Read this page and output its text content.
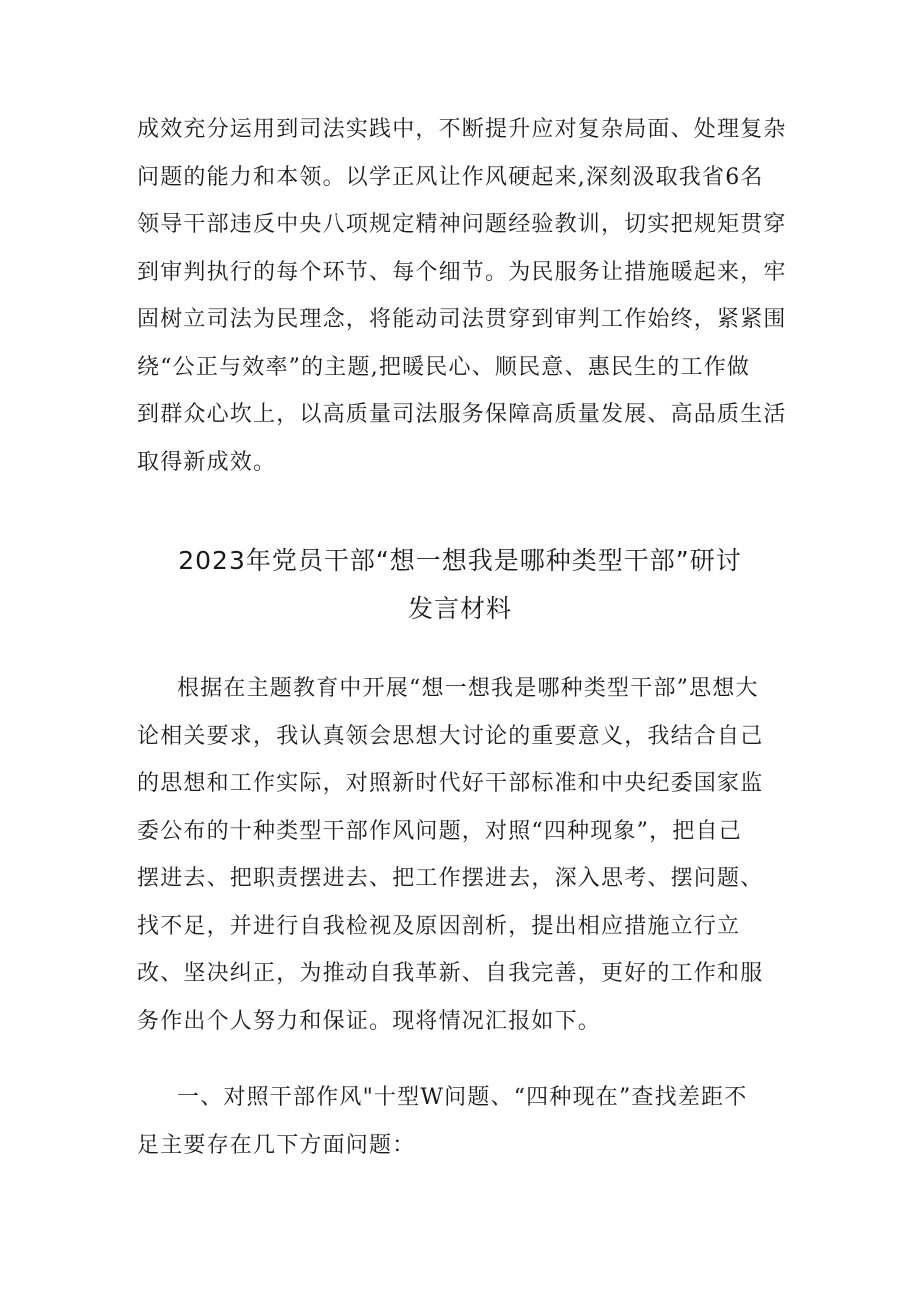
成效充分运用到司法实践中，不断提升应对复杂局面、处理复杂
问题的能力和本领。以学正风让作风硬起来,深刻汲取我省6名
领导干部违反中央八项规定精神问题经验教训，切实把规矩贯穿
到审判执行的每个环节、每个细节。为民服务让措施暖起来，牢
固树立司法为民理念，将能动司法贯穿到审判工作始终，紧紧围
绕“公正与效率”的主题,把暖民心、顺民意、惠民生的工作做
到群众心坎上，以高质量司法服务保障高质量发展、高品质生活
取得新成效。
2023年党员干部“想一想我是哪种类型干部”研讨
发言材料
根据在主题教育中开展“想一想我是哪种类型干部”思想大
论相关要求，我认真领会思想大讨论的重要意义，我结合自己
的思想和工作实际，对照新时代好干部标准和中央纪委国家监
委公布的十种类型干部作风问题，对照“四种现象”，把自己
摆进去、把职责摆进去、把工作摆进去，深入思考、摆问题、
找不足，并进行自我检视及原因剖析，提出相应措施立行立
改、坚决纠正，为推动自我革新、自我完善，更好的工作和服
务作出个人努力和保证。现将情况汇报如下。
一、对照干部作风"十型W问题、“四种现在”查找差距不
足主要存在几下方面问题：
